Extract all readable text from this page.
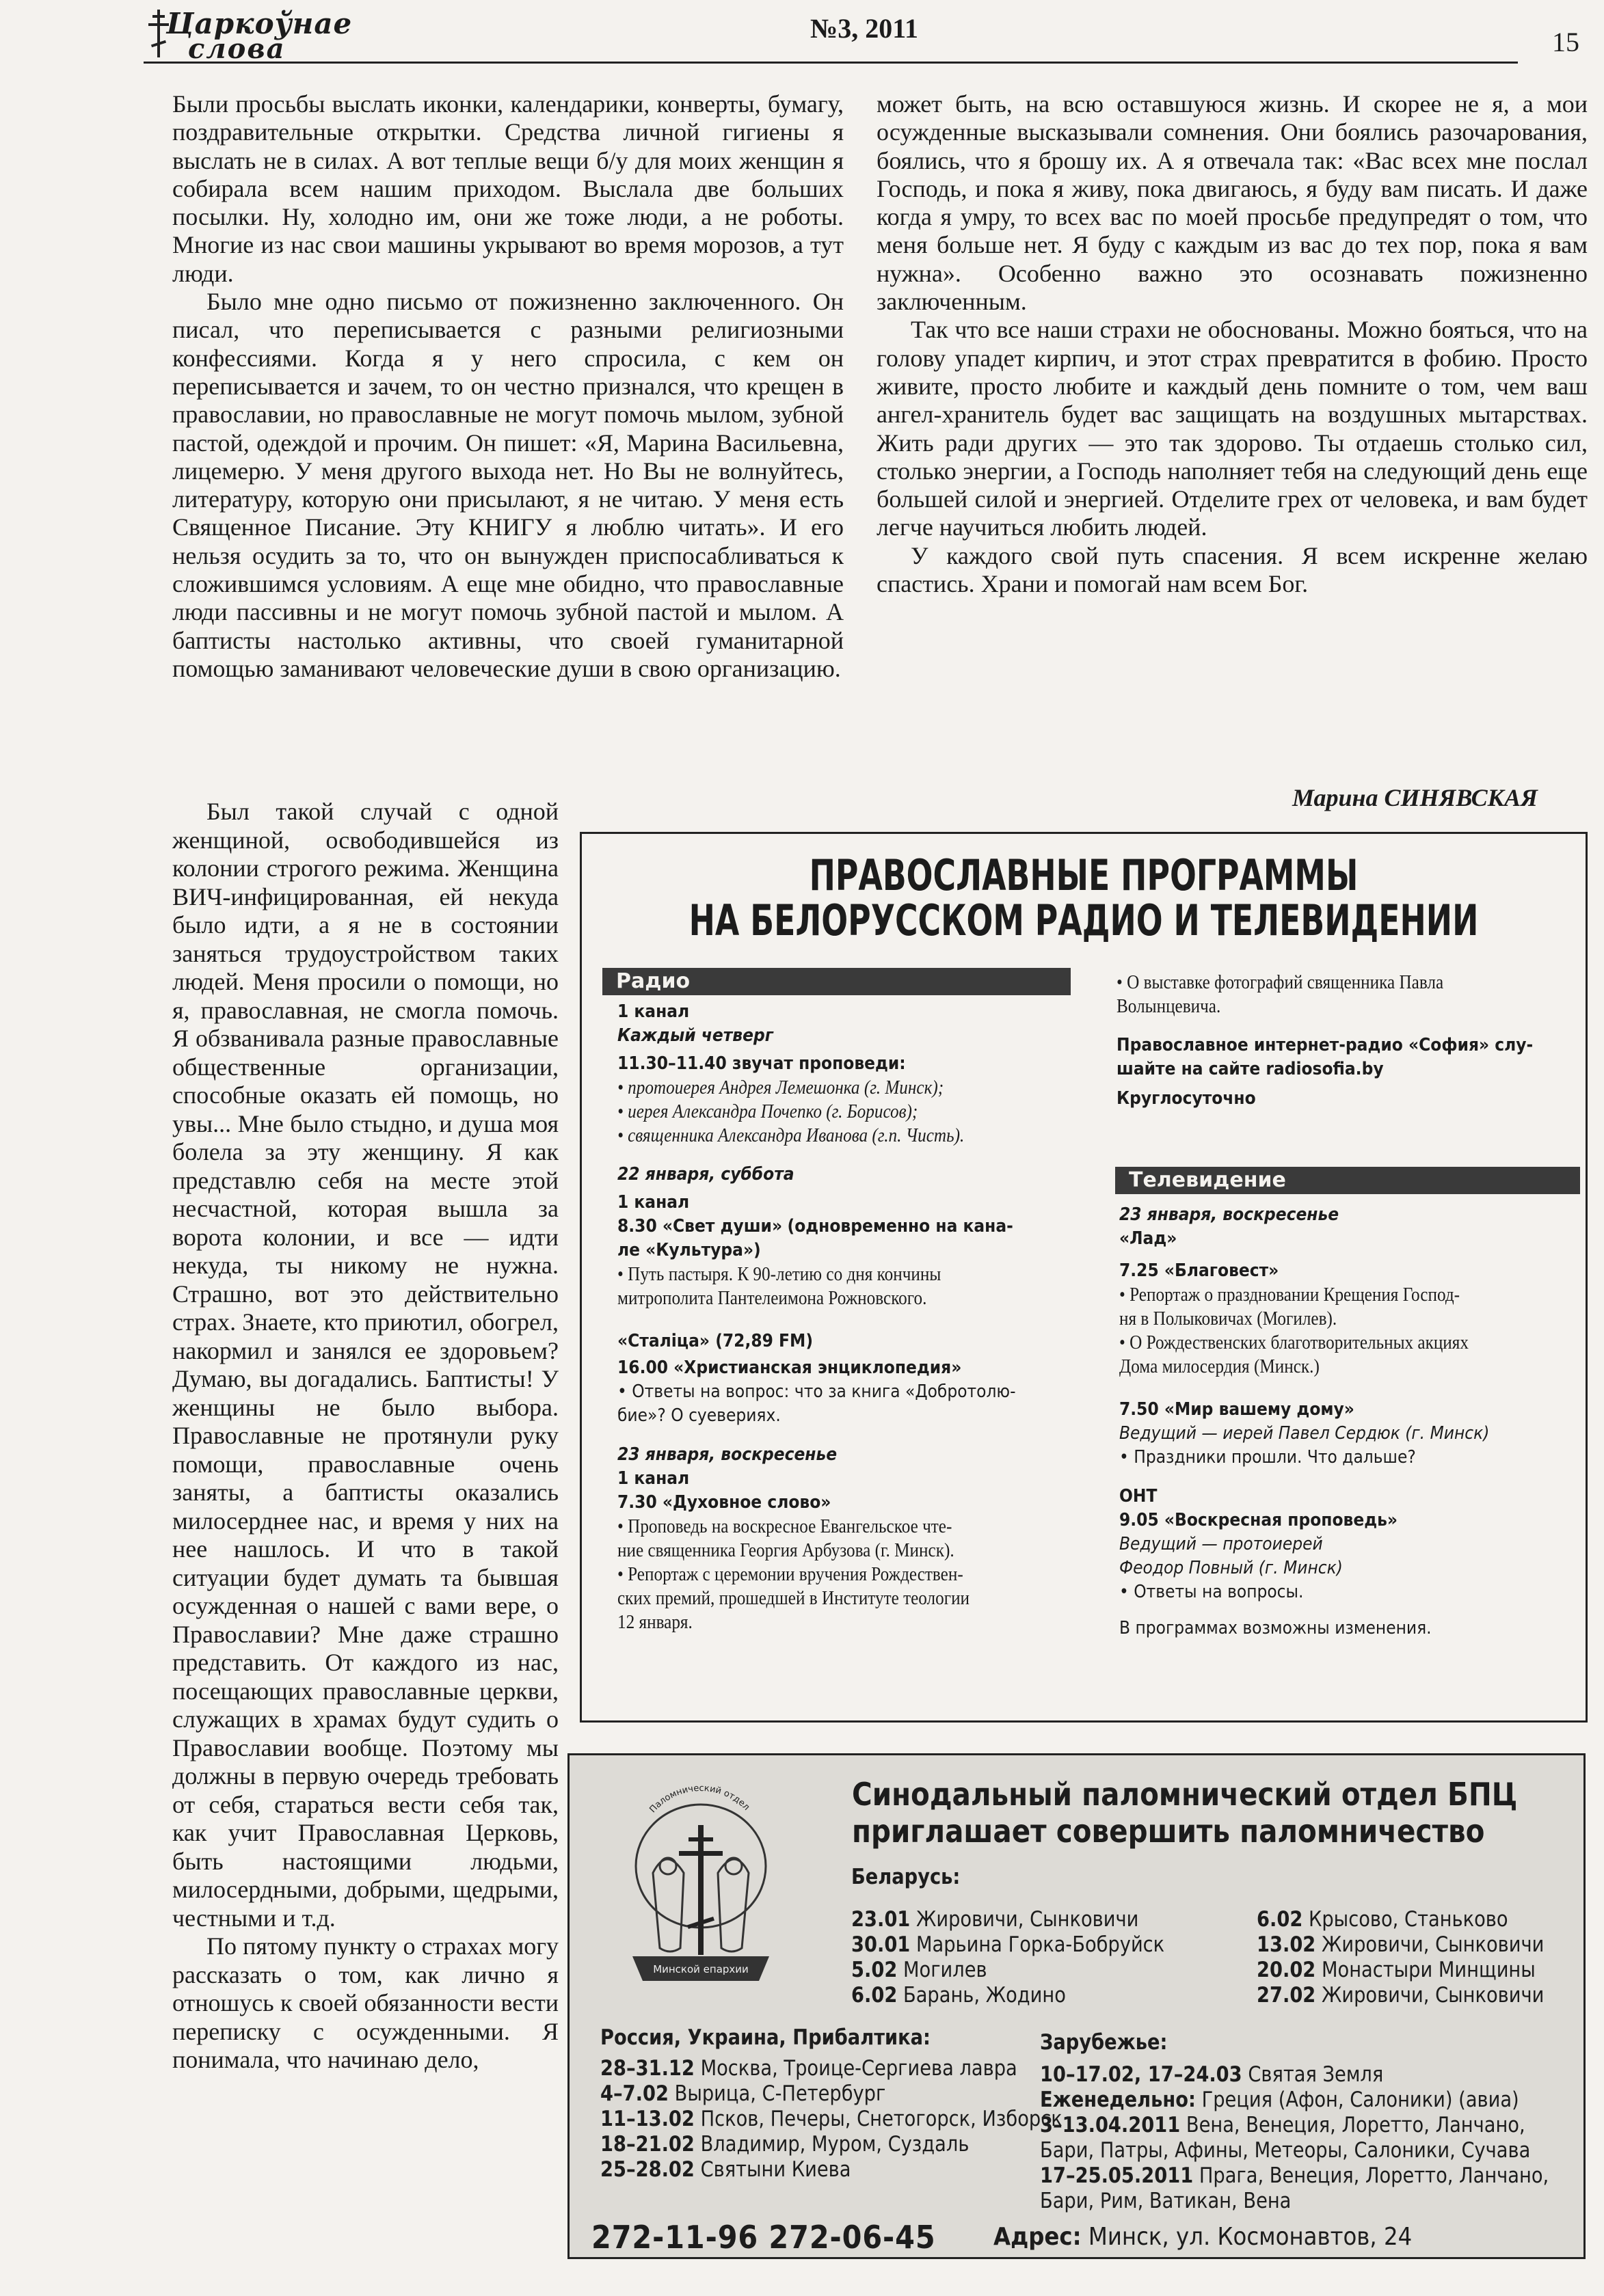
Царкоўнае
слова
№3, 2011	15

Были просьбы выслать иконки, календарики, конверты, бумагу, поздравительные открытки. Средства личной гигиены я выслать не в силах. А вот теплые вещи б/у для моих женщин я собирала всем нашим приходом. Выслала две больших посылки. Ну, холодно им, они же тоже люди, а не роботы. Многие из нас свои машины укрывают во время морозов, а тут люди.

Было мне одно письмо от пожизненно заключенного. Он писал, что переписывается с разными религиозными конфессиями. Когда я у него спросила, с кем он переписывается и зачем, то он честно признался, что крещен в православии, но православные не могут помочь мылом, зубной пастой, одеждой и прочим. Он пишет: «Я, Марина Васильевна, лицемерю. У меня другого выхода нет. Но Вы не волнуйтесь, литературу, которую они присылают, я не читаю. У меня есть Священное Писание. Эту КНИГУ я люблю читать». И его нельзя осудить за то, что он вынужден приспосабливаться к сложившимся условиям. А еще мне обидно, что православные люди пассивны и не могут помочь зубной пастой и мылом. А баптисты настолько активны, что своей гуманитарной помощью заманивают человеческие души в свою организацию.

Был такой случай с одной женщиной, освободившейся из колонии строгого режима. Женщина ВИЧ-инфицированная, ей некуда было идти, а я не в состоянии заняться трудоустройством таких людей. Меня просили о помощи, но я, православная, не смогла помочь. Я обзванивала разные православные общественные организации, способные оказать ей помощь, но увы... Мне было стыдно, и душа моя болела за эту женщину. Я как представлю себя на месте этой несчастной, которая вышла за ворота колонии, и все — идти некуда, ты никому не нужна. Страшно, вот это действительно страх. Знаете, кто приютил, обогрел, накормил и занялся ее здоровьем? Думаю, вы догадались. Баптисты! У женщины не было выбора. Православные не протянули руку помощи, православные очень заняты, а баптисты оказались милосерднее нас, и время у них на нее нашлось. И что в такой ситуации будет думать та бывшая осужденная о нашей с вами вере, о Православии? Мне даже страшно представить. От каждого из нас, посещающих православные церкви, служащих в храмах будут судить о Православии вообще. Поэтому мы должны в первую очередь требовать от себя, стараться вести себя так, как учит Православная Церковь, быть настоящими людьми, милосердными, добрыми, щедрыми, честными и т.д.

По пятому пункту о страхах могу рассказать о том, как лично я отношусь к своей обязанности вести переписку с осужденными. Я понимала, что начинаю дело,

может быть, на всю оставшуюся жизнь. И скорее не я, а мои осужденные высказывали сомнения. Они боялись разочарования, боялись, что я брошу их. А я отвечала так: «Вас всех мне послал Господь, и пока я живу, пока двигаюсь, я буду вам писать. И даже когда я умру, то всех вас по моей просьбе предупредят о том, что меня больше нет. Я буду с каждым из вас до тех пор, пока я вам нужна». Особенно важно это осознавать пожизненно заключенным.

Так что все наши страхи не обоснованы. Можно бояться, что на голову упадет кирпич, и этот страх превратится в фобию. Просто живите, просто любите и каждый день помните о том, чем ваш ангел-хранитель будет вас защищать на воздушных мытарствах. Жить ради других — это так здорово. Ты отдаешь столько сил, столько энергии, а Господь наполняет тебя на следующий день еще большей силой и энергией. Отделите грех от человека, и вам будет легче научиться любить людей.

У каждого свой путь спасения. Я всем искренне желаю спастись. Храни и помогай нам всем Бог.

Марина СИНЯВСКАЯ
ПРАВОСЛАВНЫЕ ПРОГРАММЫ
НА БЕЛОРУССКОМ РАДИО И ТЕЛЕВИДЕНИИ
Радио
1 канал
Каждый четверг
11.30–11.40 звучат проповеди:
• протоиерея Андрея Лемешонка (г. Минск);
• иерея Александра Почепко (г. Борисов);
• священника Александра Иванова (г.п. Чисть).
22 января, суббота
1 канал
8.30 «Свет души» (одновременно на кана-
ле «Культура»)
• Путь пастыря. К 90-летию со дня кончины
митрополита Пантелеимона Рожновского.
«Сталіца» (72,89 FM)
16.00 «Христианская энциклопедия»
• Ответы на вопрос: что за книга «Добротолю-
бие»? О суевериях.
23 января, воскресенье
1 канал
7.30 «Духовное слово»
• Проповедь на воскресное Евангельское чте-
ние священника Георгия Арбузова (г. Минск).
• Репортаж с церемонии вручения Рождествен-
ских премий, прошедшей в Институте теологии
12 января.
• О выставке фотографий священника Павла
Волынцевича.
Православное интернет-радио «София» слу-
шайте на сайте radiosofia.by
Круглосуточно
Телевидение
23 января, воскресенье
«Лад»
7.25 «Благовест»
• Репортаж о праздновании Крещения Господ-
ня в Полыковичах (Могилев).
• О Рождественских благотворительных акциях
Дома милосердия (Минск.)
7.50 «Мир вашему дому»
Ведущий — иерей Павел Сердюк (г. Минск)
• Праздники прошли. Что дальше?
ОНТ
9.05 «Воскресная проповедь»
Ведущий — протоиерей
Феодор Повный (г. Минск)
• Ответы на вопросы.
В программах возможны изменения.
Паломнический отдел
Минской епархии
Синодальный паломнический отдел БПЦ
приглашает совершить паломничество
Беларусь:
23.01 Жировичи, Сынковичи
30.01 Марьина Горка-Бобруйск
5.02 Могилев
6.02 Барань, Жодино
6.02 Крысово, Станьково
13.02 Жировичи, Сынковичи
20.02 Монастыри Минщины
27.02 Жировичи, Сынковичи
Россия, Украина, Прибалтика:
28–31.12 Москва, Троице-Сергиева лавра
4–7.02 Вырица, С-Петербург
11–13.02 Псков, Печеры, Снетогорск, Изборск
18–21.02 Владимир, Муром, Суздаль
25–28.02 Святыни Киева
Зарубежье:
10–17.02, 17–24.03 Святая Земля
Еженедельно: Греция (Афон, Салоники) (авиа)
3–13.04.2011 Вена, Венеция, Лоретто, Ланчано,
Бари, Патры, Афины, Метеоры, Салоники, Сучава
17–25.05.2011 Прага, Венеция, Лоретто, Ланчано,
Бари, Рим, Ватикан, Вена
272-11-96 272-06-45 Адрес: Минск, ул. Космонавтов, 24
